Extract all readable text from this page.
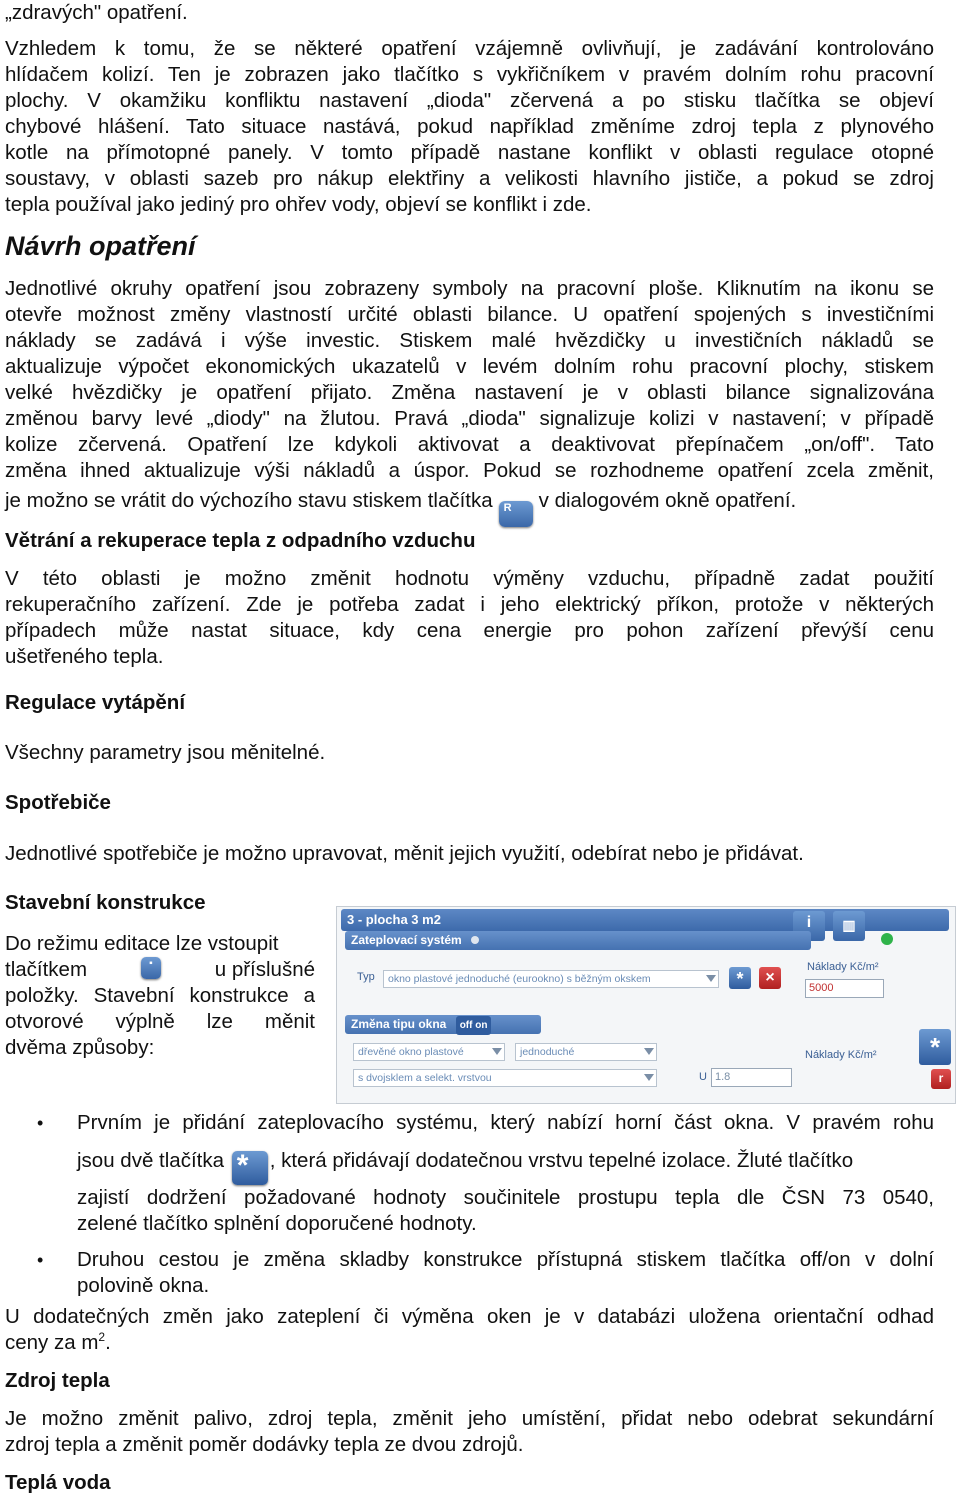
„zdravých" opatření.

Vzhledem k tomu, že se některé opatření vzájemně ovlivňují, je zadávání kontrolováno

hlídačem kolizí. Ten je zobrazen jako tlačítko s vykřičníkem v pravém dolním rohu pracovní

plochy. V okamžiku konfliktu nastavení „dioda" zčervená a po stisku tlačítka se objeví

chybové hlášení. Tato situace nastává, pokud například změníme zdroj tepla z plynového

kotle na přímotopné panely. V tomto případě nastane konflikt v oblasti regulace otopné

soustavy, v oblasti sazeb pro nákup elektřiny a velikosti hlavního jističe, a pokud se zdroj

tepla používal jako jediný pro ohřev vody, objeví se konflikt i zde.

Návrh opatření

Jednotlivé okruhy opatření jsou zobrazeny symboly na pracovní ploše. Kliknutím na ikonu se

otevře možnost změny vlastností určité oblasti bilance. U opatření spojených s investičními

náklady se zadává i výše investic. Stiskem malé hvězdičky u investičních nákladů se

aktualizuje výpočet ekonomických ukazatelů v levém dolním rohu pracovní plochy, stiskem

velké hvězdičky je opatření přijato. Změna nastavení je v oblasti bilance signalizována

změnou barvy levé „diody" na žlutou. Pravá „dioda" signalizuje kolizi v nastavení; v případě

kolize zčervená. Opatření lze kdykoli aktivovat a deaktivovat přepínačem „on/off". Tato

změna ihned aktualizuje výši nákladů a úspor. Pokud se rozhodneme opatření zcela změnit,

je možno se vrátit do výchozího stavu stiskem tlačítka R v dialogovém okně opatření.

Větrání a rekuperace tepla z odpadního vzduchu

V této oblasti je možno změnit hodnotu výměny vzduchu, případně zadat použití

rekuperačního zařízení. Zde je potřeba zadat i jeho elektrický příkon, protože v některých

případech může nastat situace, kdy cena energie pro pohon zařízení převýší cenu

ušetřeného tepla.

Regulace vytápění

Všechny parametry jsou měnitelné.

Spotřebiče

Jednotlivé spotřebiče je možno upravovat, měnit jejich využití, odebírat nebo je přidávat.

Stavební konstrukce

Do režimu editace lze vstoupit

tlačítkem	▪	u příslušné

položky. Stavební konstrukce a

otvorové výplně lze měnit

dvěma způsoby:

3 - plocha 3 m2	i	▥
Zateplovací systém
Typ	okno plastové jednoduché (eurookno) s běžným okskem	*	×
Náklady Kč/m²
5000
Změna tipu okna off on
dřevěné okno plastové	jednoduché
s dvojsklem a selekt. vrstvou	U 1.8
Náklady Kč/m²	*
r
• Prvním je přidání zateplovacího systému, který nabízí horní část okna. V pravém rohu
jsou dvě tlačítka * , která přidávají dodatečnou vrstvu tepelné izolace. Žluté tlačítko
zajistí dodržení požadované hodnoty součinitele prostupu tepla dle ČSN 73 0540,
zelené tlačítko splnění doporučené hodnoty.
• Druhou cestou je změna skladby konstrukce přístupná stiskem tlačítka off/on v dolní
polovině okna.

U dodatečných změn jako zateplení či výměna oken je v databázi uložena orientační odhad

ceny za $m^2$.

Zdroj tepla

Je možno změnit palivo, zdroj tepla, změnit jeho umístění, přidat nebo odebrat sekundární

zdroj tepla a změnit poměr dodávky tepla ze dvou zdrojů.

Teplá voda
